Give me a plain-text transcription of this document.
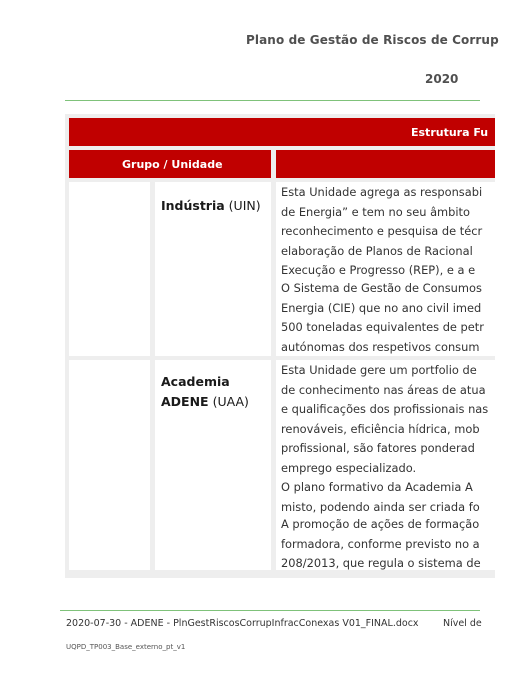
Plano de Gestão de Riscos de Corrup
2020
Estrutura Fu
Grupo / Unidade
Indústria (UIN)

Esta Unidade agrega as responsabi
de Energia” e tem no seu âmbito
reconhecimento e pesquisa de técr
elaboração de Planos de Racional
Execução e Progresso (REP), e a e

O Sistema de Gestão de Consumos
Energia (CIE) que no ano civil imed
500 toneladas equivalentes de petr
autónomas dos respetivos consum

Academia
ADENE (UAA)

Esta Unidade gere um portfolio de
de conhecimento nas áreas de atua
e qualificações dos profissionais nas
renováveis, eficiência hídrica, mob
profissional, são fatores ponderad
emprego especializado.

O plano formativo da Academia A
misto, podendo ainda ser criada fo

A promoção de ações de formação
formadora, conforme previsto no a
208/2013, que regula o sistema de

2020-07-30 - ADENE - PlnGestRiscosCorrupInfracConexas V01_FINAL.docx	Nível de
UQPD_TP003_Base_externo_pt_v1
